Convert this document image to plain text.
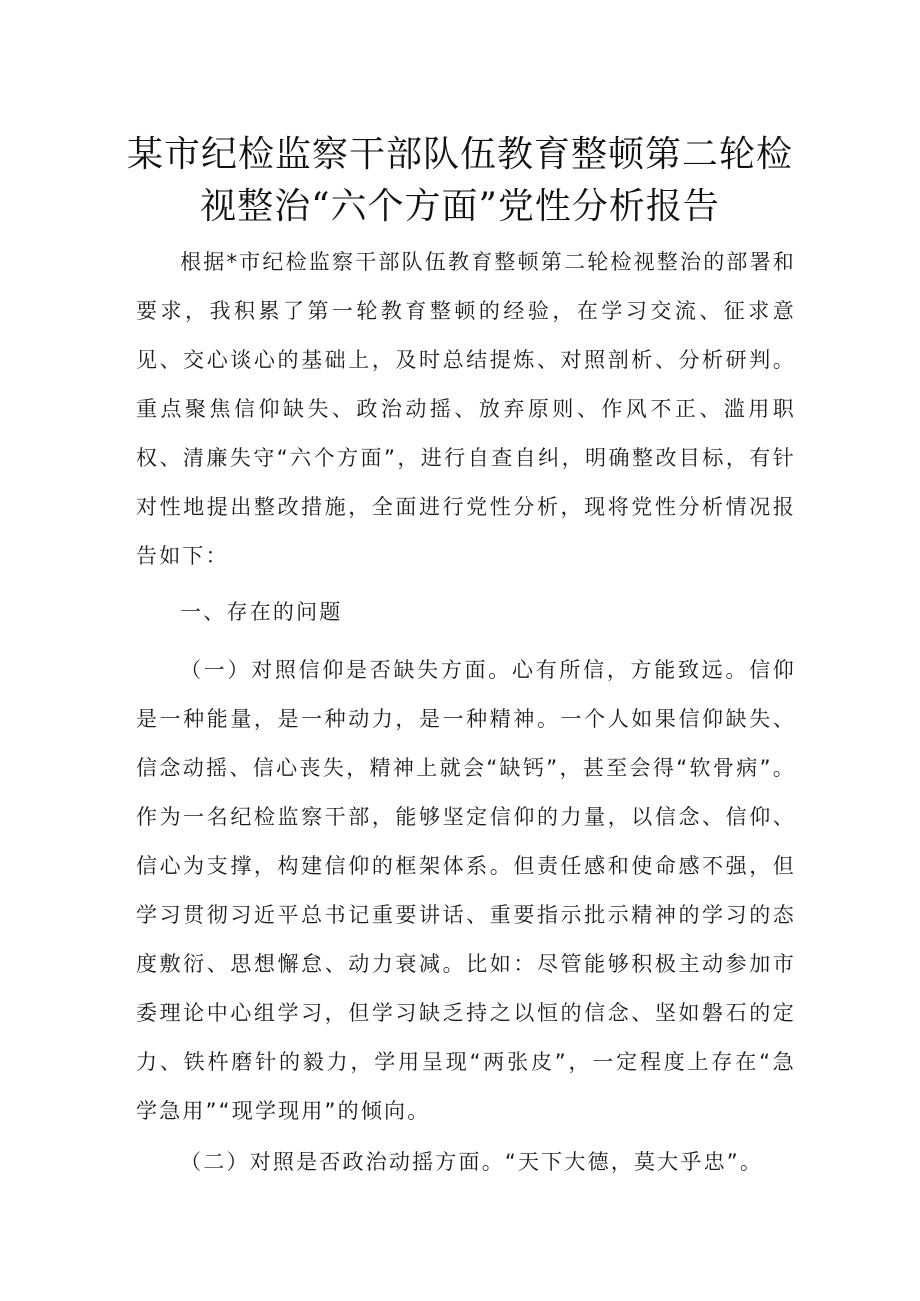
某市纪检监察干部队伍教育整顿第二轮检
视整治“六个方面”党性分析报告

根据*市纪检监察干部队伍教育整顿第二轮检视整治的部署和要求，我积累了第一轮教育整顿的经验，在学习交流、征求意见、交心谈心的基础上，及时总结提炼、对照剖析、分析研判。重点聚焦信仰缺失、政治动摇、放弃原则、作风不正、滥用职权、清廉失守“六个方面”，进行自查自纠，明确整改目标，有针对性地提出整改措施，全面进行党性分析，现将党性分析情况报告如下：

一、存在的问题

（一）对照信仰是否缺失方面。心有所信，方能致远。信仰是一种能量，是一种动力，是一种精神。一个人如果信仰缺失、信念动摇、信心丧失，精神上就会“缺钙”，甚至会得“软骨病”。作为一名纪检监察干部，能够坚定信仰的力量，以信念、信仰、信心为支撑，构建信仰的框架体系。但责任感和使命感不强，但学习贯彻习近平总书记重要讲话、重要指示批示精神的学习的态度敷衍、思想懈怠、动力衰减。比如：尽管能够积极主动参加市委理论中心组学习，但学习缺乏持之以恒的信念、坚如磐石的定力、铁杵磨针的毅力，学用呈现“两张皮”，一定程度上存在“急学急用”“现学现用”的倾向。

（二）对照是否政治动摇方面。“天下大德，莫大乎忠”。
